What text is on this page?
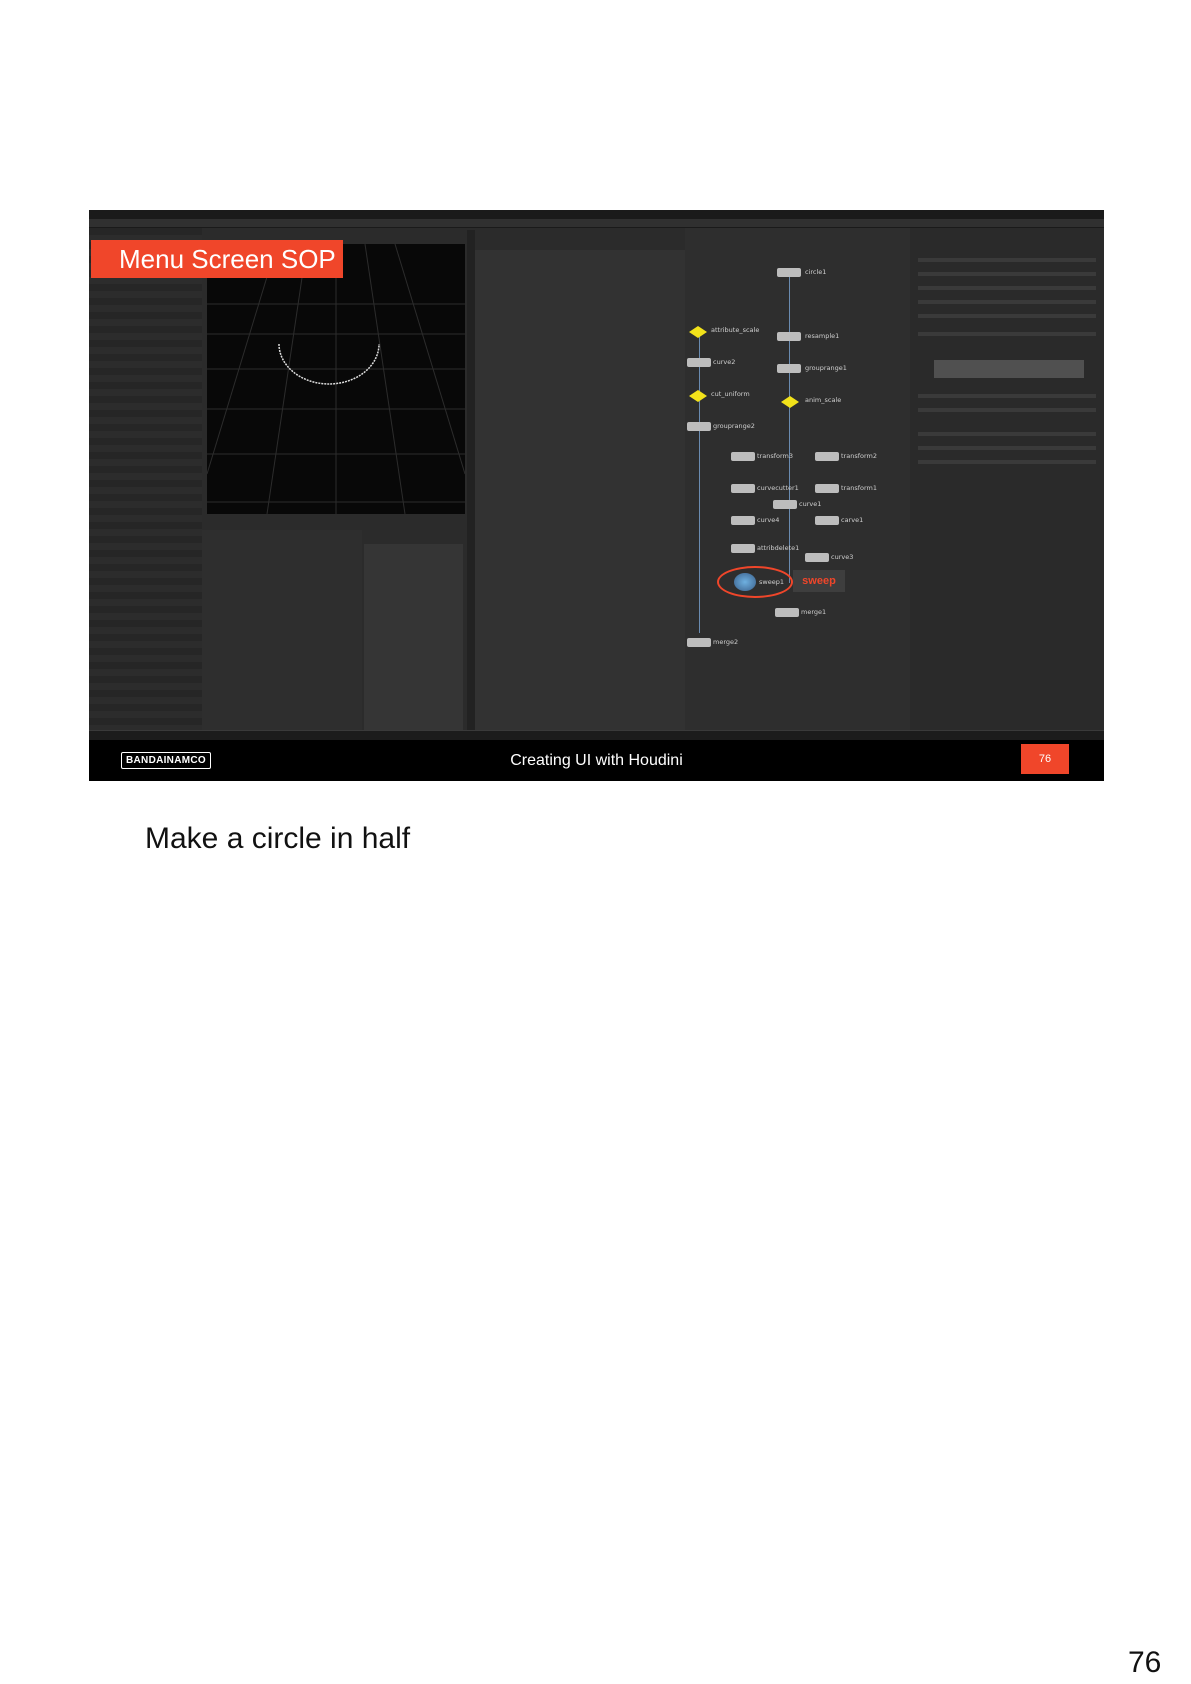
circle1
resample1
grouprange1
anim_scale
attribute_scale
curve2
cut_uniform
grouprange2
transform3	transform2
curvecutter1	transform1
curve1
curve4	carve1
attribdelete1
curve3
sweep1	sweep
merge1
merge2
Menu Screen SOP
BANDAINAMCO	Creating UI with Houdini	76
Make a circle in half
76
